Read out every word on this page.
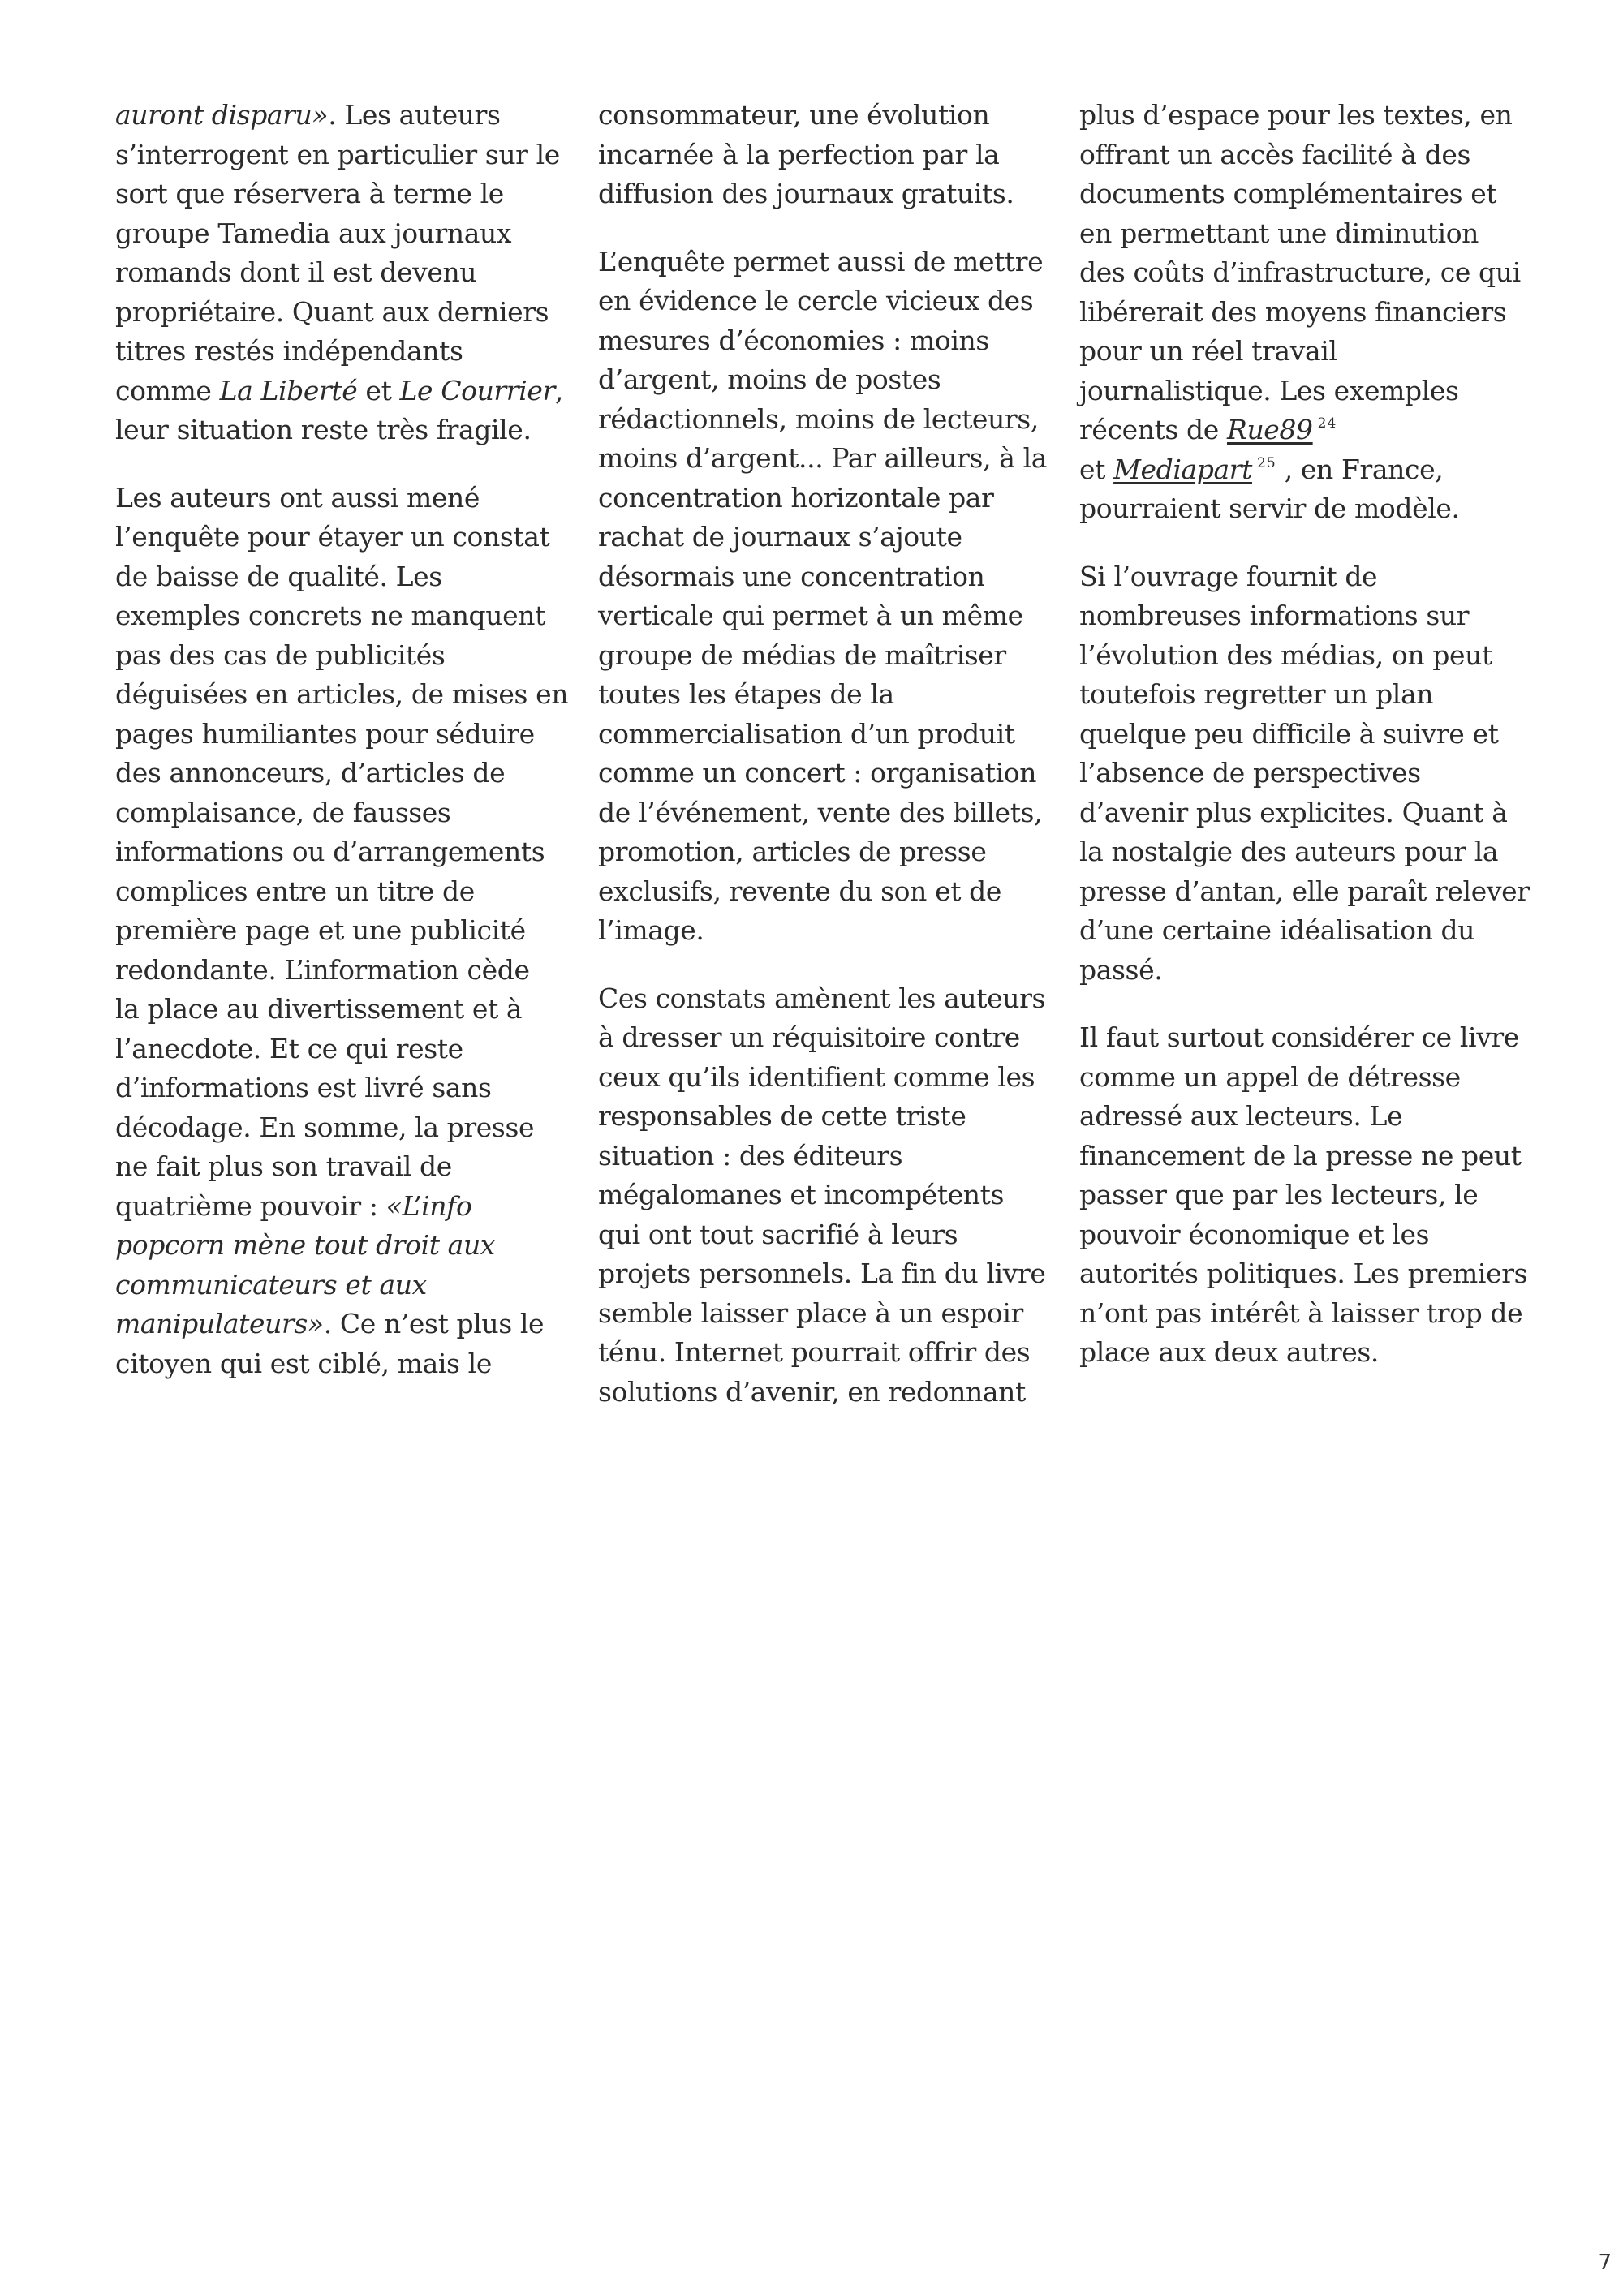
auront disparu». Les auteurs
s’interrogent en particulier sur le
sort que réservera à terme le
groupe Tamedia aux journaux
romands dont il est devenu
propriétaire. Quant aux derniers
titres restés indépendants
comme La Liberté et Le Courrier,
leur situation reste très fragile.

Les auteurs ont aussi mené
l’enquête pour étayer un constat
de baisse de qualité. Les
exemples concrets ne manquent
pas des cas de publicités
déguisées en articles, de mises en
pages humiliantes pour séduire
des annonceurs, d’articles de
complaisance, de fausses
informations ou d’arrangements
complices entre un titre de
première page et une publicité
redondante. L’information cède
la place au divertissement et à
l’anecdote. Et ce qui reste
d’informations est livré sans
décodage. En somme, la presse
ne fait plus son travail de
quatrième pouvoir : «L’info
popcorn mène tout droit aux
communicateurs et aux
manipulateurs». Ce n’est plus le
citoyen qui est ciblé, mais le

consommateur, une évolution
incarnée à la perfection par la
diffusion des journaux gratuits.

L’enquête permet aussi de mettre
en évidence le cercle vicieux des
mesures d’économies : moins
d’argent, moins de postes
rédactionnels, moins de lecteurs,
moins d’argent... Par ailleurs, à la
concentration horizontale par
rachat de journaux s’ajoute
désormais une concentration
verticale qui permet à un même
groupe de médias de maîtriser
toutes les étapes de la
commercialisation d’un produit
comme un concert : organisation
de l’événement, vente des billets,
promotion, articles de presse
exclusifs, revente du son et de
l’image.

Ces constats amènent les auteurs
à dresser un réquisitoire contre
ceux qu’ils identifient comme les
responsables de cette triste
situation : des éditeurs
mégalomanes et incompétents
qui ont tout sacrifié à leurs
projets personnels. La fin du livre
semble laisser place à un espoir
ténu. Internet pourrait offrir des
solutions d’avenir, en redonnant

plus d’espace pour les textes, en
offrant un accès facilité à des
documents complémentaires et
en permettant une diminution
des coûts d’infrastructure, ce qui
libérerait des moyens financiers
pour un réel travail
journalistique. Les exemples
récents de Rue89 $^{24}$
et Mediapart $^{25}$ , en France,
pourraient servir de modèle.

Si l’ouvrage fournit de
nombreuses informations sur
l’évolution des médias, on peut
toutefois regretter un plan
quelque peu difficile à suivre et
l’absence de perspectives
d’avenir plus explicites. Quant à
la nostalgie des auteurs pour la
presse d’antan, elle paraît relever
d’une certaine idéalisation du
passé.

Il faut surtout considérer ce livre
comme un appel de détresse
adressé aux lecteurs. Le
financement de la presse ne peut
passer que par les lecteurs, le
pouvoir économique et les
autorités politiques. Les premiers
n’ont pas intérêt à laisser trop de
place aux deux autres.

7
